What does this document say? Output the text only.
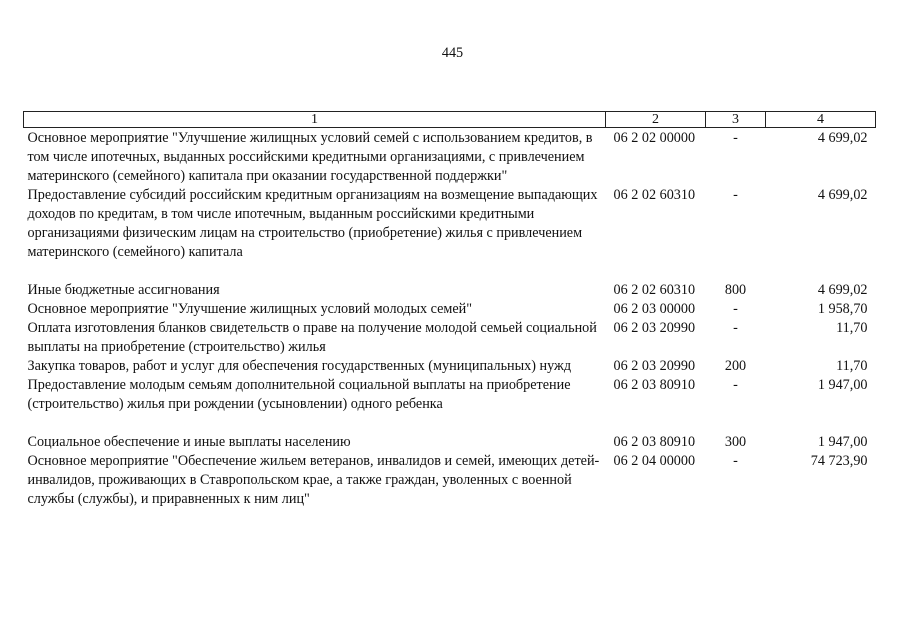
445
1	2	3	4
Основное мероприятие "Улучшение жилищных условий семей с использованием кредитов, в том числе ипотечных, выданных российскими кредитными организациями, с привлечением материнского (семейного) капитала при оказании государственной поддержки"	06 2 02 00000	-	4 699,02
Предоставление субсидий российским кредитным организациям на возмещение выпадающих доходов по кредитам, в том числе ипотечным, выданным российскими кредитными организациями физическим лицам на строительство (приобретение) жилья с привлечением материнского (семейного) капитала	06 2 02 60310	-	4 699,02
Иные бюджетные ассигнования	06 2 02 60310	800	4 699,02
Основное мероприятие "Улучшение жилищных условий молодых семей"	06 2 03 00000	-	1 958,70
Оплата изготовления бланков свидетельств о праве на получение молодой семьей социальной выплаты на приобретение (строительство) жилья	06 2 03 20990	-	11,70
Закупка товаров, работ и услуг для обеспечения государственных (муниципальных) нужд	06 2 03 20990	200	11,70
Предоставление молодым семьям дополнительной социальной выплаты на приобретение (строительство) жилья при рождении (усыновлении) одного ребенка	06 2 03 80910	-	1 947,00
Социальное обеспечение и иные выплаты населению	06 2 03 80910	300	1 947,00
Основное мероприятие "Обеспечение жильем ветеранов, инвалидов и семей, имеющих детей-инвалидов, проживающих в Ставропольском крае, а также граждан, уволенных с военной службы (службы), и приравненных к ним лиц"	06 2 04 00000	-	74 723,90
